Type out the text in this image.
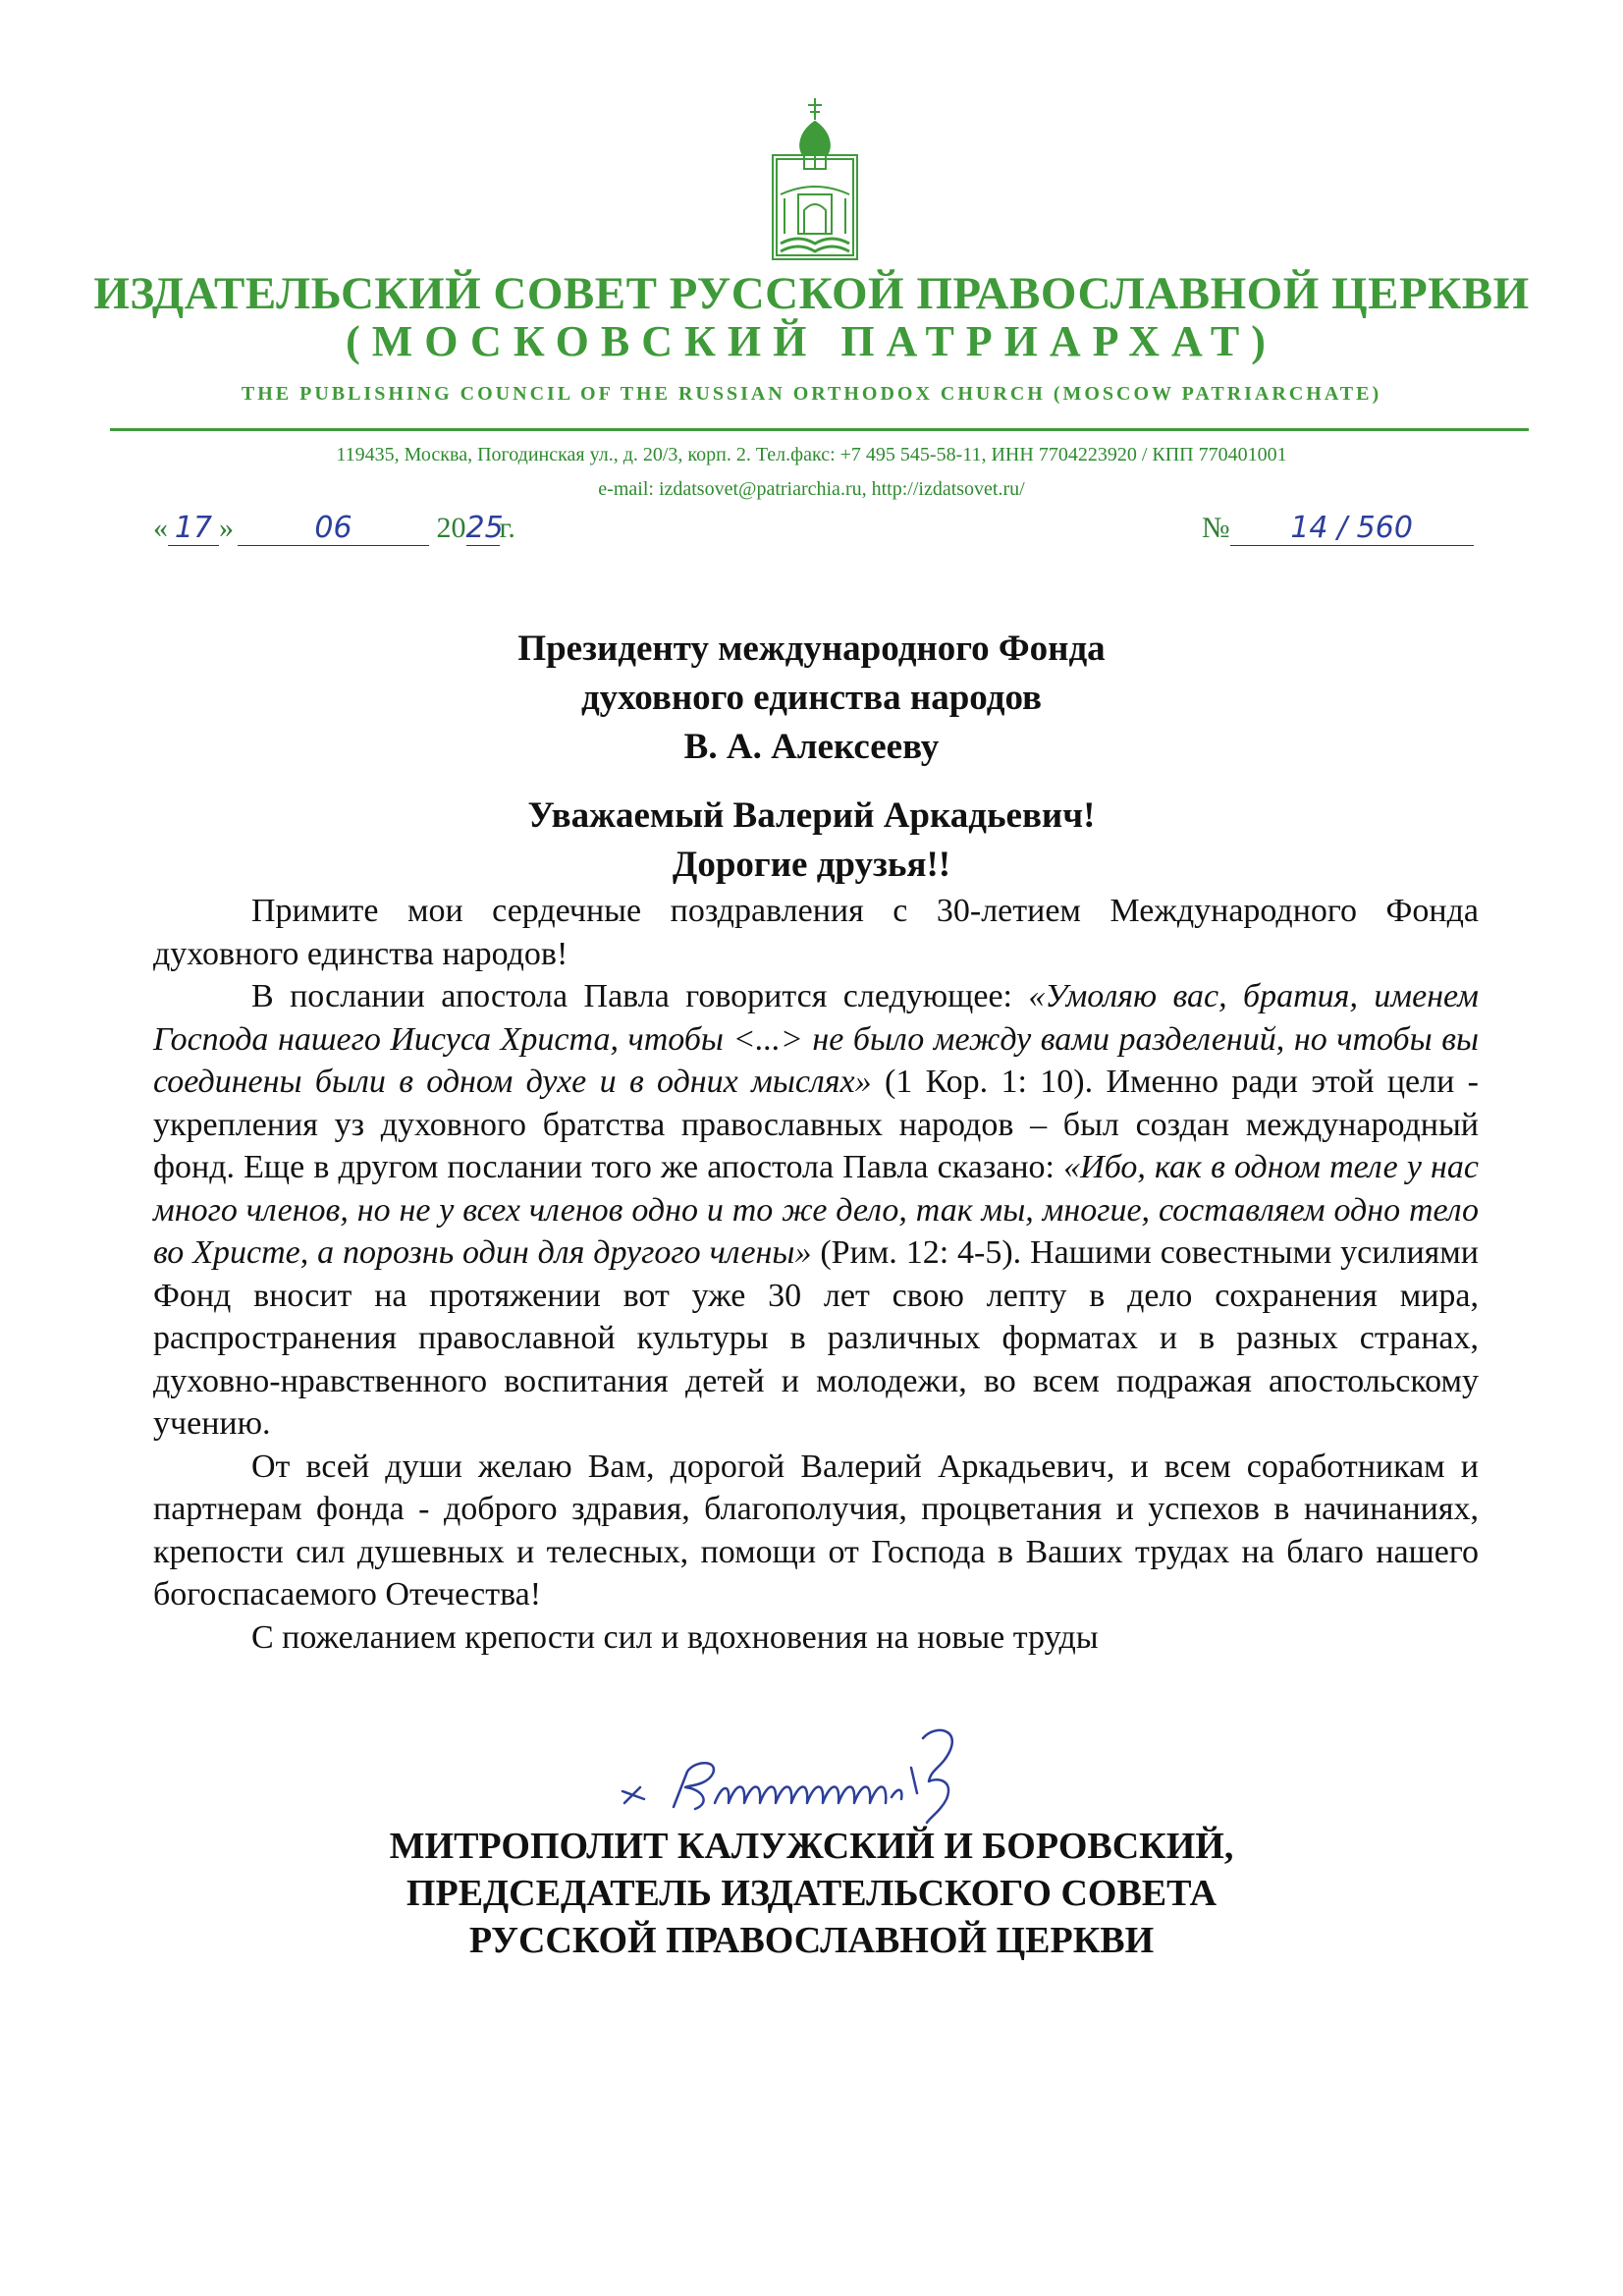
ИЗДАТЕЛЬСКИЙ СОВЕТ РУССКОЙ ПРАВОСЛАВНОЙ ЦЕРКВИ
(МОСКОВСКИЙ ПАТРИАРХАТ)
THE PUBLISHING COUNCIL OF THE RUSSIAN ORTHODOX CHURCH (MOSCOW PATRIARCHATE)
119435, Москва, Погодинская ул., д. 20/3, корп. 2. Тел.факс: +7 495 545-58-11, ИНН 7704223920 / КПП 770401001
e-mail: izdatsovet@patriarchia.ru, http://izdatsovet.ru/
« 17 »	06	2025г.	№ 14 / 560
Президенту международного Фонда
духовного единства народов
В. А. Алексееву
Уважаемый Валерий Аркадьевич!
Дорогие друзья!!

Примите мои сердечные поздравления с 30-летием Международного Фонда духовного единства народов!

В послании апостола Павла говорится следующее: «Умоляю вас, братия, именем Господа нашего Иисуса Христа, чтобы <...> не было между вами разделений, но чтобы вы соединены были в одном духе и в одних мыслях» (1 Кор. 1: 10). Именно ради этой цели - укрепления уз духовного братства православных народов – был создан международный фонд. Еще в другом послании того же апостола Павла сказано: «Ибо, как в одном теле у нас много членов, но не у всех членов одно и то же дело, так мы, многие, составляем одно тело во Христе, а порознь один для другого члены» (Рим. 12: 4-5). Нашими совестными усилиями Фонд вносит на протяжении вот уже 30 лет свою лепту в дело сохранения мира, распространения православной культуры в различных форматах и в разных странах, духовно-нравственного воспитания детей и молодежи, во всем подражая апостольскому учению.

От всей души желаю Вам, дорогой Валерий Аркадьевич, и всем соработникам и партнерам фонда - доброго здравия, благополучия, процветания и успехов в начинаниях, крепости сил душевных и телесных, помощи от Господа в Ваших трудах на благо нашего богоспасаемого Отечества!

С пожеланием крепости сил и вдохновения на новые труды

МИТРОПОЛИТ КАЛУЖСКИЙ И БОРОВСКИЙ,
ПРЕДСЕДАТЕЛЬ ИЗДАТЕЛЬСКОГО СОВЕТА
РУССКОЙ ПРАВОСЛАВНОЙ ЦЕРКВИ
